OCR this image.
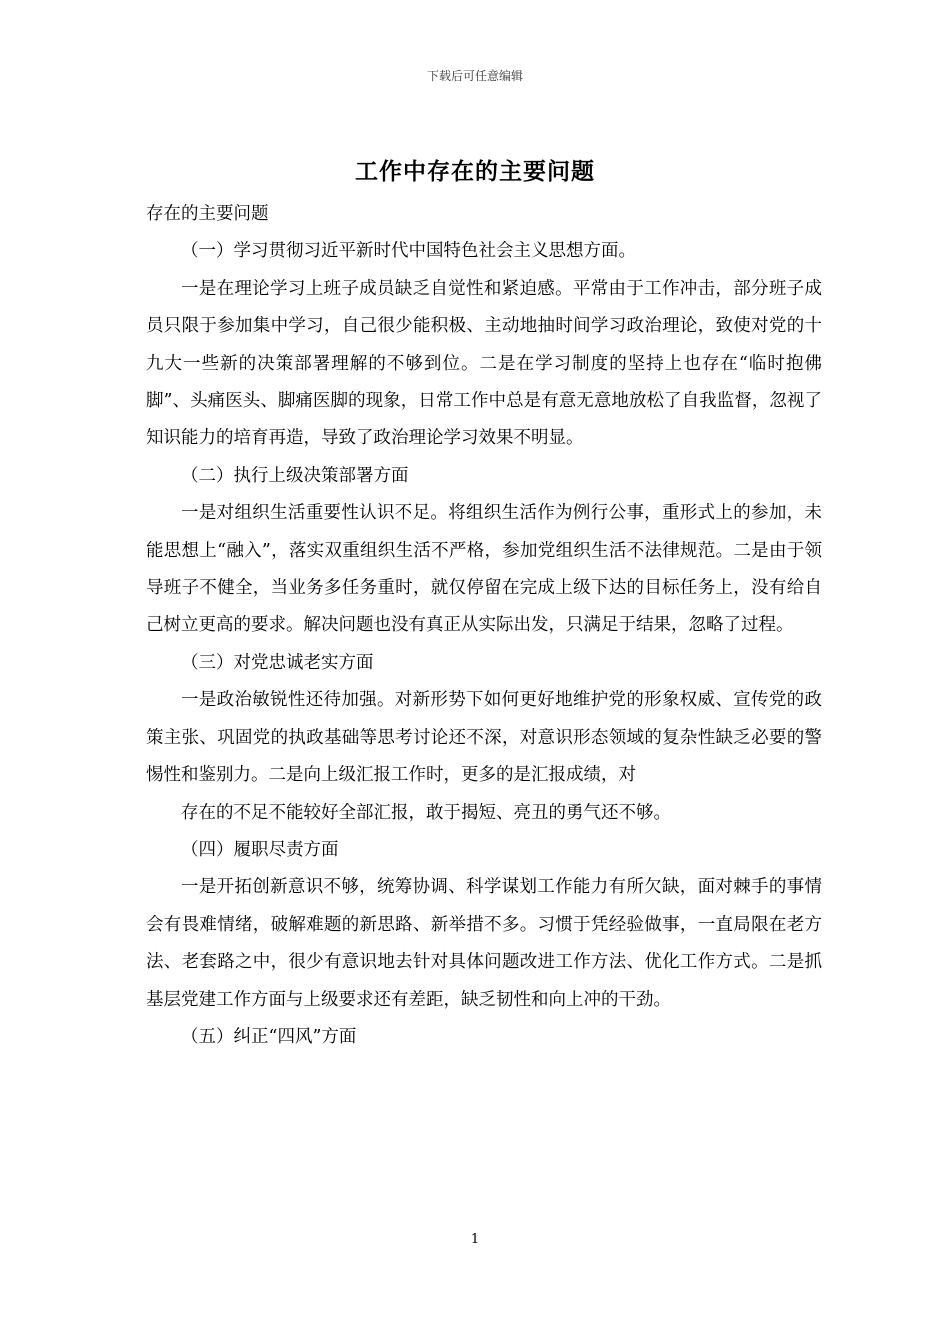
下载后可任意编辑
工作中存在的主要问题

存在的主要问题

（一）学习贯彻习近平新时代中国特色社会主义思想方面。

一是在理论学习上班子成员缺乏自觉性和紧迫感。平常由于工作冲击，部分班子成员只限于参加集中学习，自己很少能积极、主动地抽时间学习政治理论，致使对党的十九大一些新的决策部署理解的不够到位。二是在学习制度的坚持上也存在“临时抱佛脚”、头痛医头、脚痛医脚的现象，日常工作中总是有意无意地放松了自我监督，忽视了知识能力的培育再造，导致了政治理论学习效果不明显。

（二）执行上级决策部署方面

一是对组织生活重要性认识不足。将组织生活作为例行公事，重形式上的参加，未能思想上“融入”，落实双重组织生活不严格，参加党组织生活不法律规范。二是由于领导班子不健全，当业务多任务重时，就仅停留在完成上级下达的目标任务上，没有给自己树立更高的要求。解决问题也没有真正从实际出发，只满足于结果，忽略了过程。

（三）对党忠诚老实方面

一是政治敏锐性还待加强。对新形势下如何更好地维护党的形象权威、宣传党的政策主张、巩固党的执政基础等思考讨论还不深，对意识形态领域的复杂性缺乏必要的警惕性和鉴别力。二是向上级汇报工作时，更多的是汇报成绩，对

存在的不足不能较好全部汇报，敢于揭短、亮丑的勇气还不够。

（四）履职尽责方面

一是开拓创新意识不够，统筹协调、科学谋划工作能力有所欠缺，面对棘手的事情会有畏难情绪，破解难题的新思路、新举措不多。习惯于凭经验做事，一直局限在老方法、老套路之中，很少有意识地去针对具体问题改进工作方法、优化工作方式。二是抓基层党建工作方面与上级要求还有差距，缺乏韧性和向上冲的干劲。

（五）纠正“四风”方面

1
